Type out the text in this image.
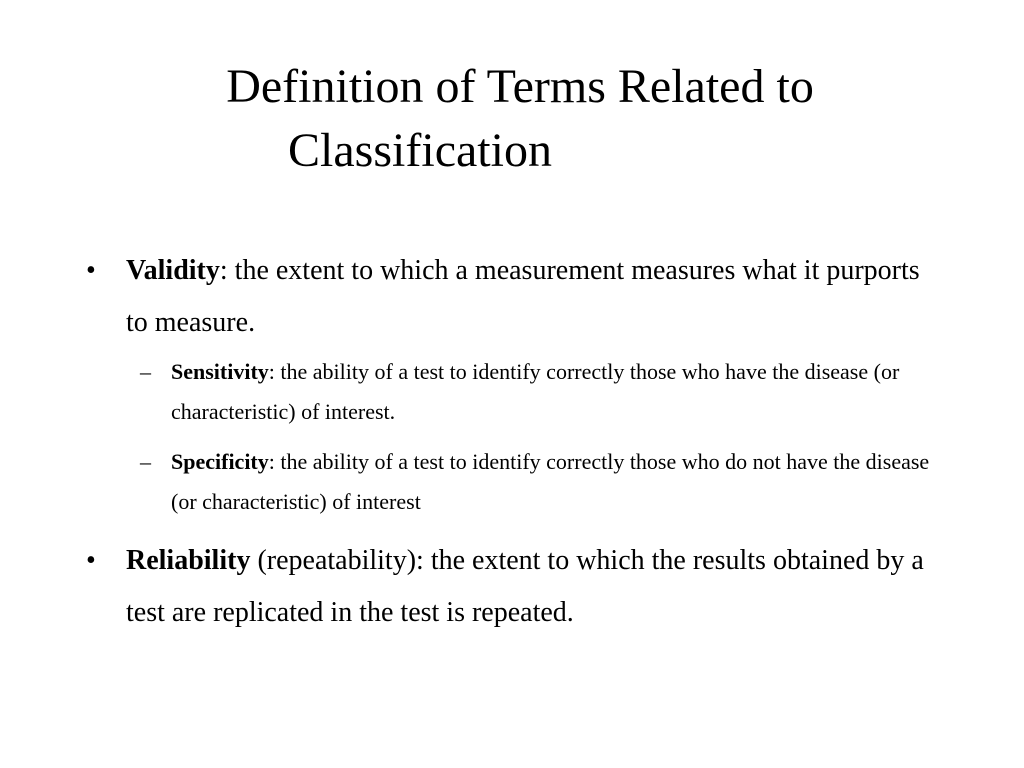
Definition of Terms Related to
Classification
•	Validity: the extent to which a measurement measures what it purports to measure.
– Sensitivity: the ability of a test to identify correctly those who have the disease (or characteristic) of interest.
– Specificity: the ability of a test to identify correctly those who do not have the disease (or characteristic) of interest
•	Reliability (repeatability): the extent to which the results obtained by a test are replicated in the test is repeated.
